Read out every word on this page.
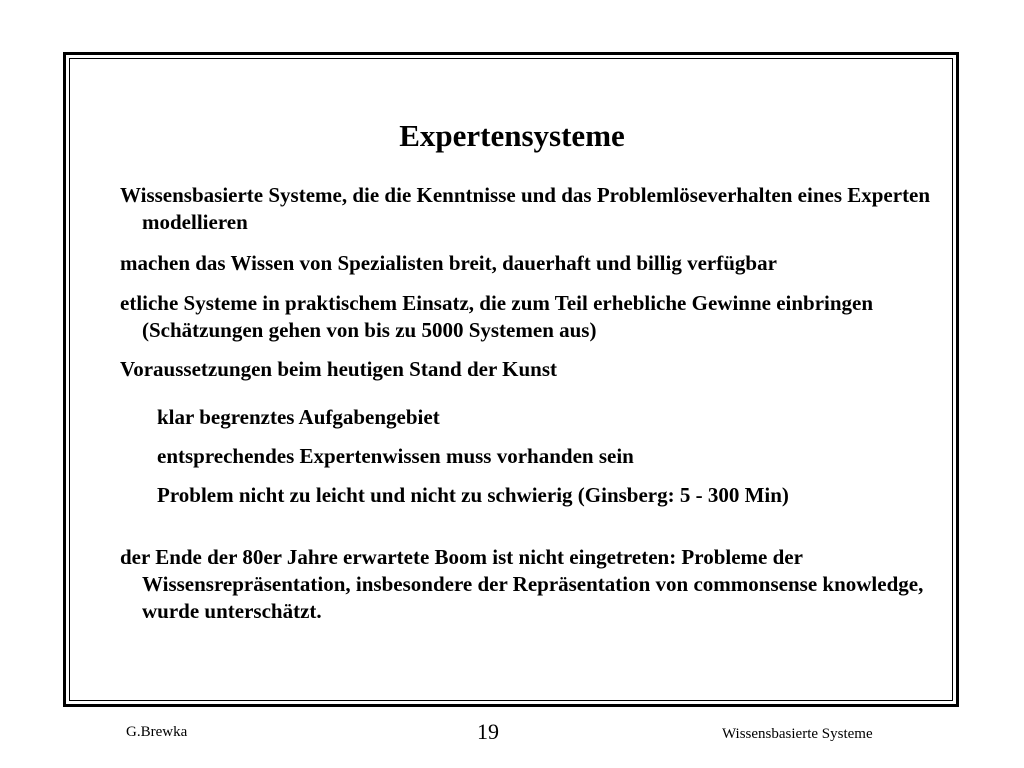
Expertensysteme

Wissensbasierte Systeme, die die Kenntnisse und das Problemlöseverhalten eines Experten modellieren

machen das Wissen von Spezialisten breit, dauerhaft und billig verfügbar

etliche Systeme in praktischem Einsatz, die zum Teil erhebliche Gewinne einbringen (Schätzungen gehen von bis zu 5000 Systemen aus)

Voraussetzungen beim heutigen Stand der Kunst

klar begrenztes Aufgabengebiet

entsprechendes Expertenwissen muss vorhanden sein

Problem nicht zu leicht und nicht zu schwierig (Ginsberg: 5 - 300 Min)

der Ende der 80er Jahre erwartete Boom ist nicht eingetreten: Probleme der Wissensrepräsentation, insbesondere der Repräsentation von commonsense knowledge, wurde unterschätzt.

G.Brewka	19	Wissensbasierte Systeme
